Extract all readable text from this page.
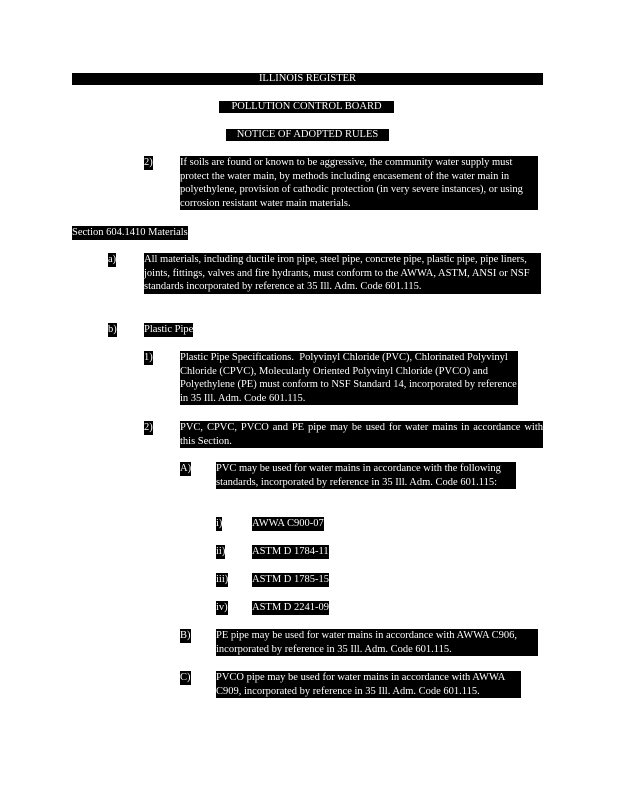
ILLINOIS REGISTER
POLLUTION CONTROL BOARD
NOTICE OF ADOPTED RULES
2)	If soils are found or known to be aggressive, the community water supply must protect the water main, by methods including encasement of the water main in polyethylene, provision of cathodic protection (in very severe instances), or using corrosion resistant water main materials.
Section 604.1410 Materials
a)	All materials, including ductile iron pipe, steel pipe, concrete pipe, plastic pipe, pipe liners, joints, fittings, valves and fire hydrants, must conform to the AWWA, ASTM, ANSI or NSF standards incorporated by reference at 35 Ill. Adm. Code 601.115.
b)	Plastic Pipe
1)	Plastic Pipe Specifications.  Polyvinyl Chloride (PVC), Chlorinated Polyvinyl Chloride (CPVC), Molecularly Oriented Polyvinyl Chloride (PVCO) and Polyethylene (PE) must conform to NSF Standard 14, incorporated by reference in 35 Ill. Adm. Code 601.115.
2)	PVC, CPVC, PVCO and PE pipe may be used for water mains in accordance with this Section.
A) PVC may be used for water mains in accordance with the following standards, incorporated by reference in 35 Ill. Adm. Code 601.115:
i)	AWWA C900-07
ii)	ASTM D 1784-11
iii) ASTM D 1785-15
iv) ASTM D 2241-09
B) PE pipe may be used for water mains in accordance with AWWA C906, incorporated by reference in 35 Ill. Adm. Code 601.115.
C) PVCO pipe may be used for water mains in accordance with AWWA C909, incorporated by reference in 35 Ill. Adm. Code 601.115.
